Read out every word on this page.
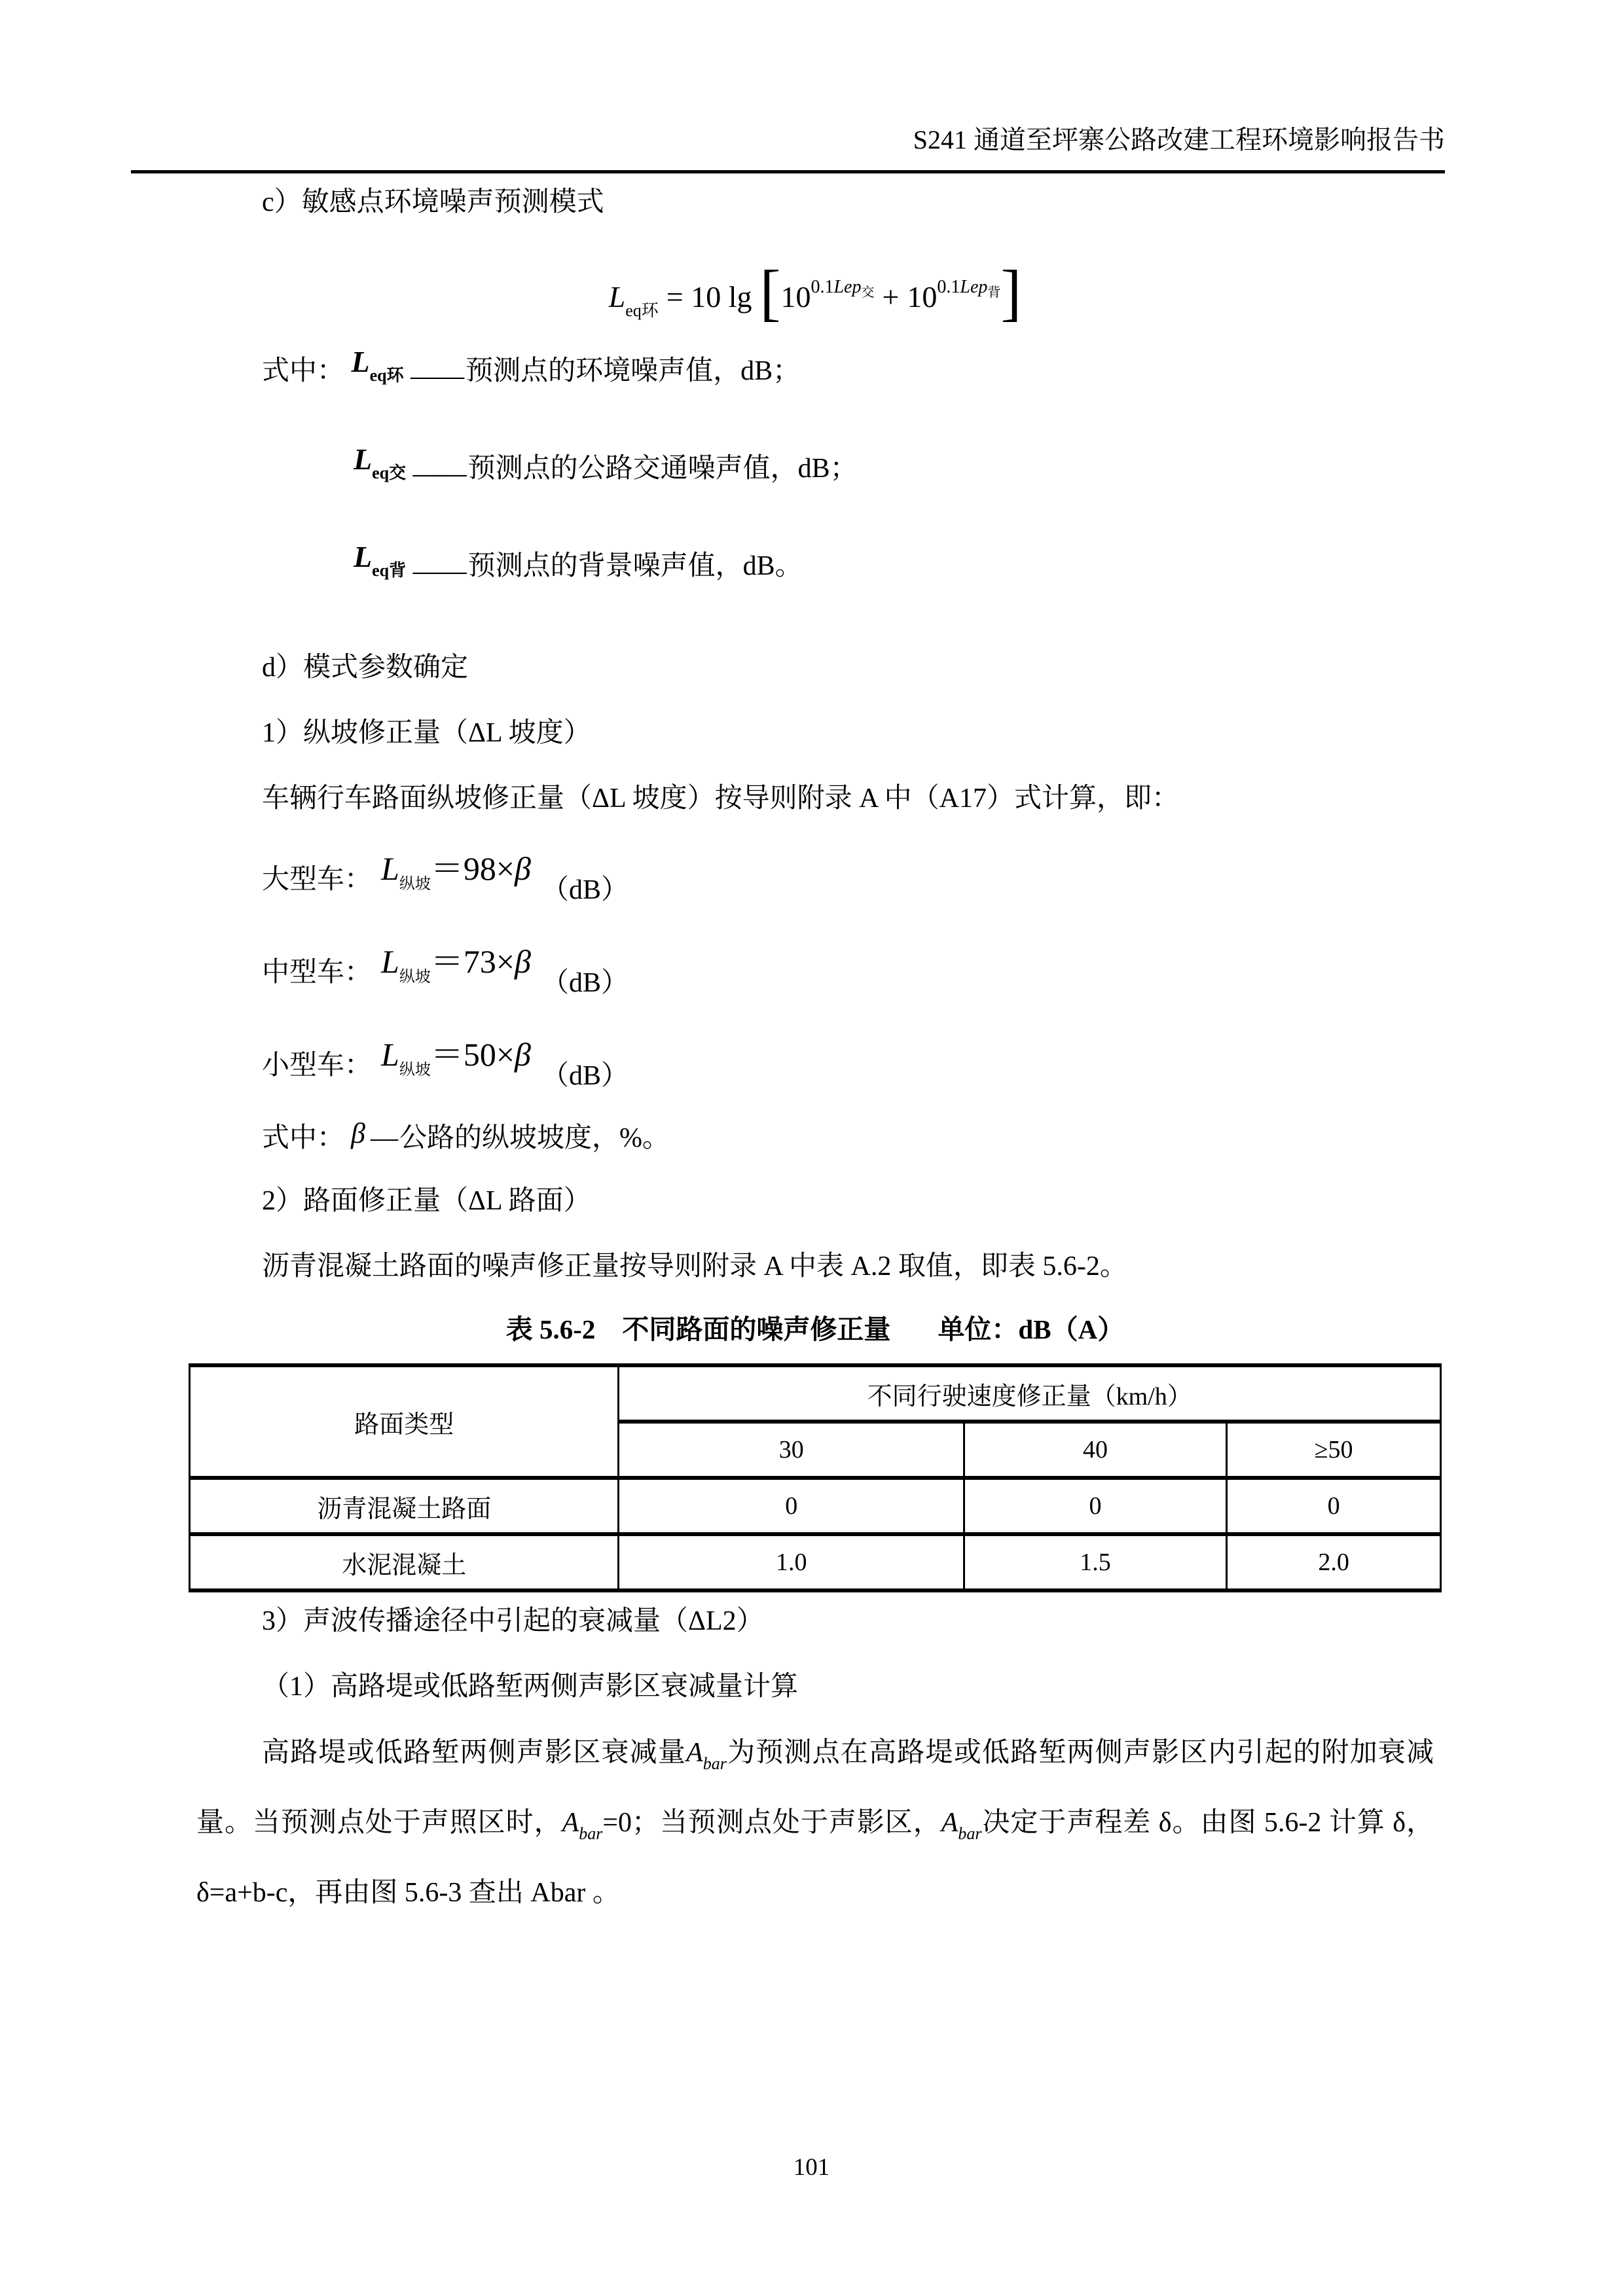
S241 通道至坪寨公路改建工程环境影响报告书

c）敏感点环境噪声预测模式

$L_{eq环} = 10$ $\lg [10^{0.1Lep_交} + 10^{0.1Lep_背}]$
式中： $L_{eq环}$ ——预测点的环境噪声值，dB；
$L_{eq交}$ ——预测点的公路交通噪声值，dB；
$L_{eq背}$ ——预测点的背景噪声值，dB。

d）模式参数确定

1）纵坡修正量（ΔL 坡度）

车辆行车路面纵坡修正量（ΔL 坡度）按导则附录 A 中（A17）式计算，即：

大型车： $L_{纵坡}=98\times\beta$
（dB）
中型车： $L_{纵坡}=73\times\beta$
（dB）
小型车： $L_{纵坡}=50\times\beta$
（dB）
式中： β —公路的纵坡坡度，%。

2）路面修正量（ΔL 路面）

沥青混凝土路面的噪声修正量按导则附录 A 中表 A.2 取值，即表 5.6-2。

表 5.6-2　不同路面的噪声修正量 单位：dB（A）
路面类型	不同行驶速度修正量（km/h）		
	30	40	≥50
沥青混凝土路面	0	0	0
水泥混凝土	1.0	1.5	2.0

3）声波传播途径中引起的衰减量（ΔL2）

（1）高路堤或低路堑两侧声影区衰减量计算

高路堤或低路堑两侧声影区衰减量$A_{bar}$为预测点在高路堤或低路堑两侧声影区内引起的附加衰减量。当预测点处于声照区时，$A_{bar}=0$；当预测点处于声影区，$A_{bar}$决定于声程差 δ。由图 5.6-2 计算 δ，δ=a+b-c，再由图 5.6-3 查出 Abar 。

101
